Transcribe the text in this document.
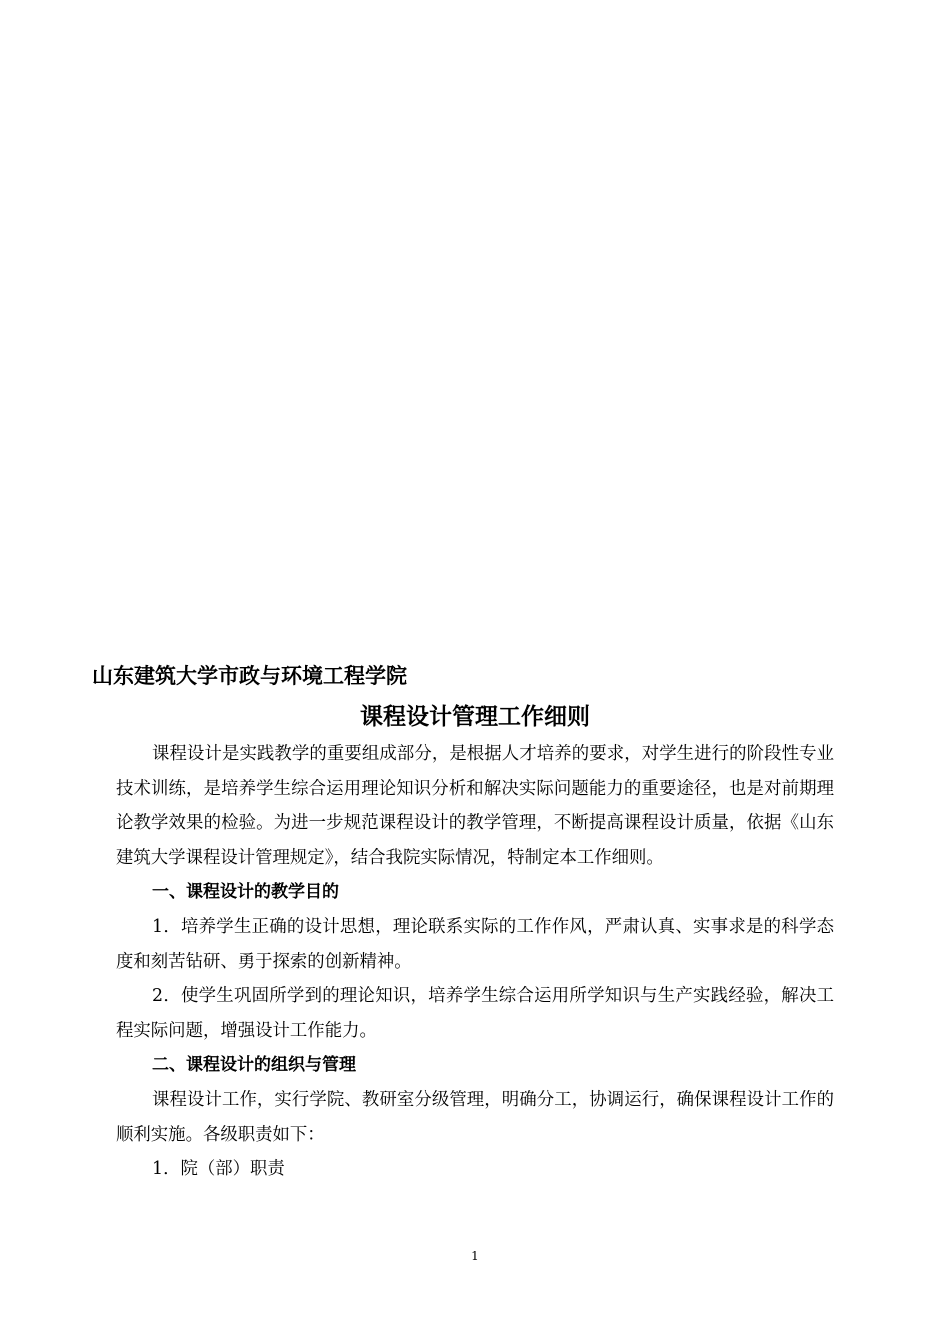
山东建筑大学市政与环境工程学院
课程设计管理工作细则

课程设计是实践教学的重要组成部分，是根据人才培养的要求，对学生进行的阶段性专业技术训练，是培养学生综合运用理论知识分析和解决实际问题能力的重要途径，也是对前期理论教学效果的检验。为进一步规范课程设计的教学管理，不断提高课程设计质量，依据《山东建筑大学课程设计管理规定》，结合我院实际情况，特制定本工作细则。

一、课程设计的教学目的

1．培养学生正确的设计思想，理论联系实际的工作作风，严肃认真、实事求是的科学态度和刻苦钻研、勇于探索的创新精神。

2．使学生巩固所学到的理论知识，培养学生综合运用所学知识与生产实践经验，解决工程实际问题，增强设计工作能力。

二、课程设计的组织与管理

课程设计工作，实行学院、教研室分级管理，明确分工，协调运行，确保课程设计工作的顺利实施。各级职责如下：

1．院（部）职责

1
